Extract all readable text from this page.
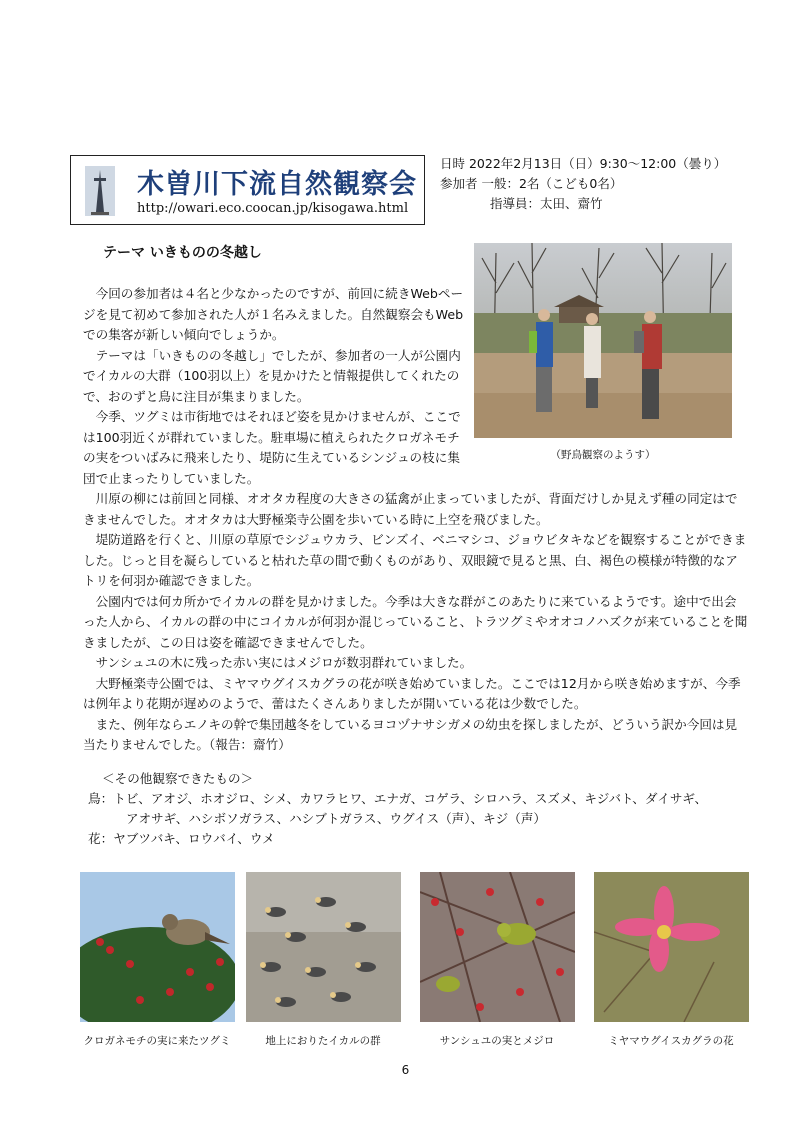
木曽川下流自然観察会
http://owari.eco.coocan.jp/kisogawa.html
日時 2022年2月13日（日）9:30～12:00（曇り）
参加者 一般：2名（こども0名）
指導員：太田、齋竹
テーマ いきものの冬越し

今回の参加者は４名と少なかったのですが、前回に続きWebページを見て初めて参加された人が１名みえました。自然観察会もWebでの集客が新しい傾向でしょうか。

テーマは「いきものの冬越し」でしたが、参加者の一人が公園内でイカルの大群（100羽以上）を見かけたと情報提供してくれたので、おのずと鳥に注目が集まりました。

今季、ツグミは市街地ではそれほど姿を見かけませんが、ここでは100羽近くが群れていました。駐車場に植えられたクロガネモチの実をついばみに飛来したり、堤防に生えているシンジュの枝に集団で止まったりしていました。

（野鳥観察のようす）

川原の柳には前回と同様、オオタカ程度の大きさの猛禽が止まっていましたが、背面だけしか見えず種の同定はできませんでした。オオタカは大野極楽寺公園を歩いている時に上空を飛びました。

堤防道路を行くと、川原の草原でシジュウカラ、ビンズイ、ベニマシコ、ジョウビタキなどを観察することができました。じっと目を凝らしていると枯れた草の間で動くものがあり、双眼鏡で見ると黒、白、褐色の模様が特徴的なアトリを何羽か確認できました。

公園内では何カ所かでイカルの群を見かけました。今季は大きな群がこのあたりに来ているようです。途中で出会った人から、イカルの群の中にコイカルが何羽か混じっていること、トラツグミやオオコノハズクが来ていることを聞きましたが、この日は姿を確認できませんでした。

サンシュユの木に残った赤い実にはメジロが数羽群れていました。

大野極楽寺公園では、ミヤマウグイスカグラの花が咲き始めていました。ここでは12月から咲き始めますが、今季は例年より花期が遅めのようで、蕾はたくさんありましたが開いている花は少数でした。

また、例年ならエノキの幹で集団越冬をしているヨコヅナサシガメの幼虫を探しましたが、どういう訳か今回は見当たりませんでした。（報告：齋竹）

＜その他観察できたもの＞
鳥：トビ、アオジ、ホオジロ、シメ、カワラヒワ、エナガ、コゲラ、シロハラ、スズメ、キジバト、ダイサギ、
アオサギ、ハシボソガラス、ハシブトガラス、ウグイス（声）、キジ（声）
花：ヤブツバキ、ロウバイ、ウメ
クロガネモチの実に来たツグミ	地上におりたイカルの群	サンシュユの実とメジロ	ミヤマウグイスカグラの花
6
